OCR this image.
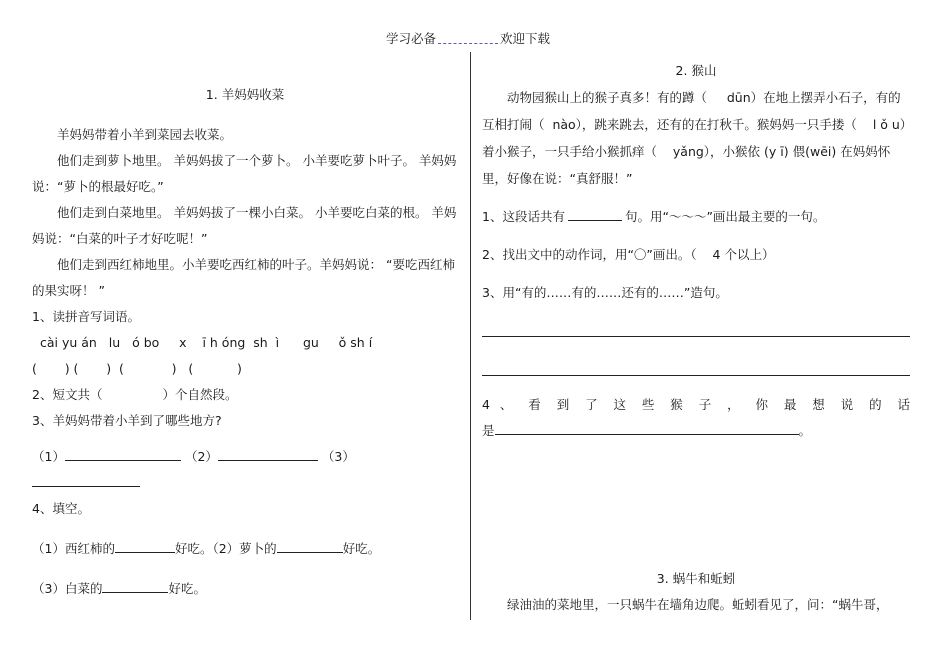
学习必备	欢迎下载

1. 羊妈妈收菜

羊妈妈带着小羊到菜园去收菜。

他们走到萝卜地里。 羊妈妈拔了一个萝卜。 小羊要吃萝卜叶子。 羊妈妈说：“萝卜的根最好吃。”

他们走到白菜地里。 羊妈妈拔了一棵小白菜。 小羊要吃白菜的根。 羊妈妈说：“白菜的叶子才好吃呢！”

他们走到西红柿地里。小羊要吃西红柿的叶子。羊妈妈说： “要吃西红柿的果实呀！ ”

1、读拼音写词语。

cài yu án   lu   ó bo     x    ī h óng  sh  ì      gu     ǒ sh í

(       ) (       )  (            )   (           )

2、短文共（	）个自然段。

3、羊妈妈带着小羊到了哪些地方?

（1）	（2）	（3）

4、填空。

（1）西红柿的	好吃。（2）萝卜的	好吃。

（3）白菜的	好吃。

2. 猴山

动物园猴山上的猴子真多！有的蹲（     dūn）在地上摆弄小石子，有的互相打闹（  nào），跳来跳去，还有的在打秋千。猴妈妈一只手搂（    l ǒ u）着小猴子，一只手给小猴抓痒（    yǎng），小猴依 (y ī) 偎(wēi) 在妈妈怀里，好像在说：“真舒服！”

1、这段话共有	句。用“～～～”画出最主要的一句。

2、找出文中的动作词，用“〇”画出。（    4 个以上）

3、用“有的……有的……还有的……”造句。

4 、 看 到 了 这 些 猴 子 ， 你 最 想 说 的 话

是	。

3. 蜗牛和蚯蚓

绿油油的菜地里，一只蜗牛在墙角边爬。蚯蚓看见了，问：“蜗牛哥，
